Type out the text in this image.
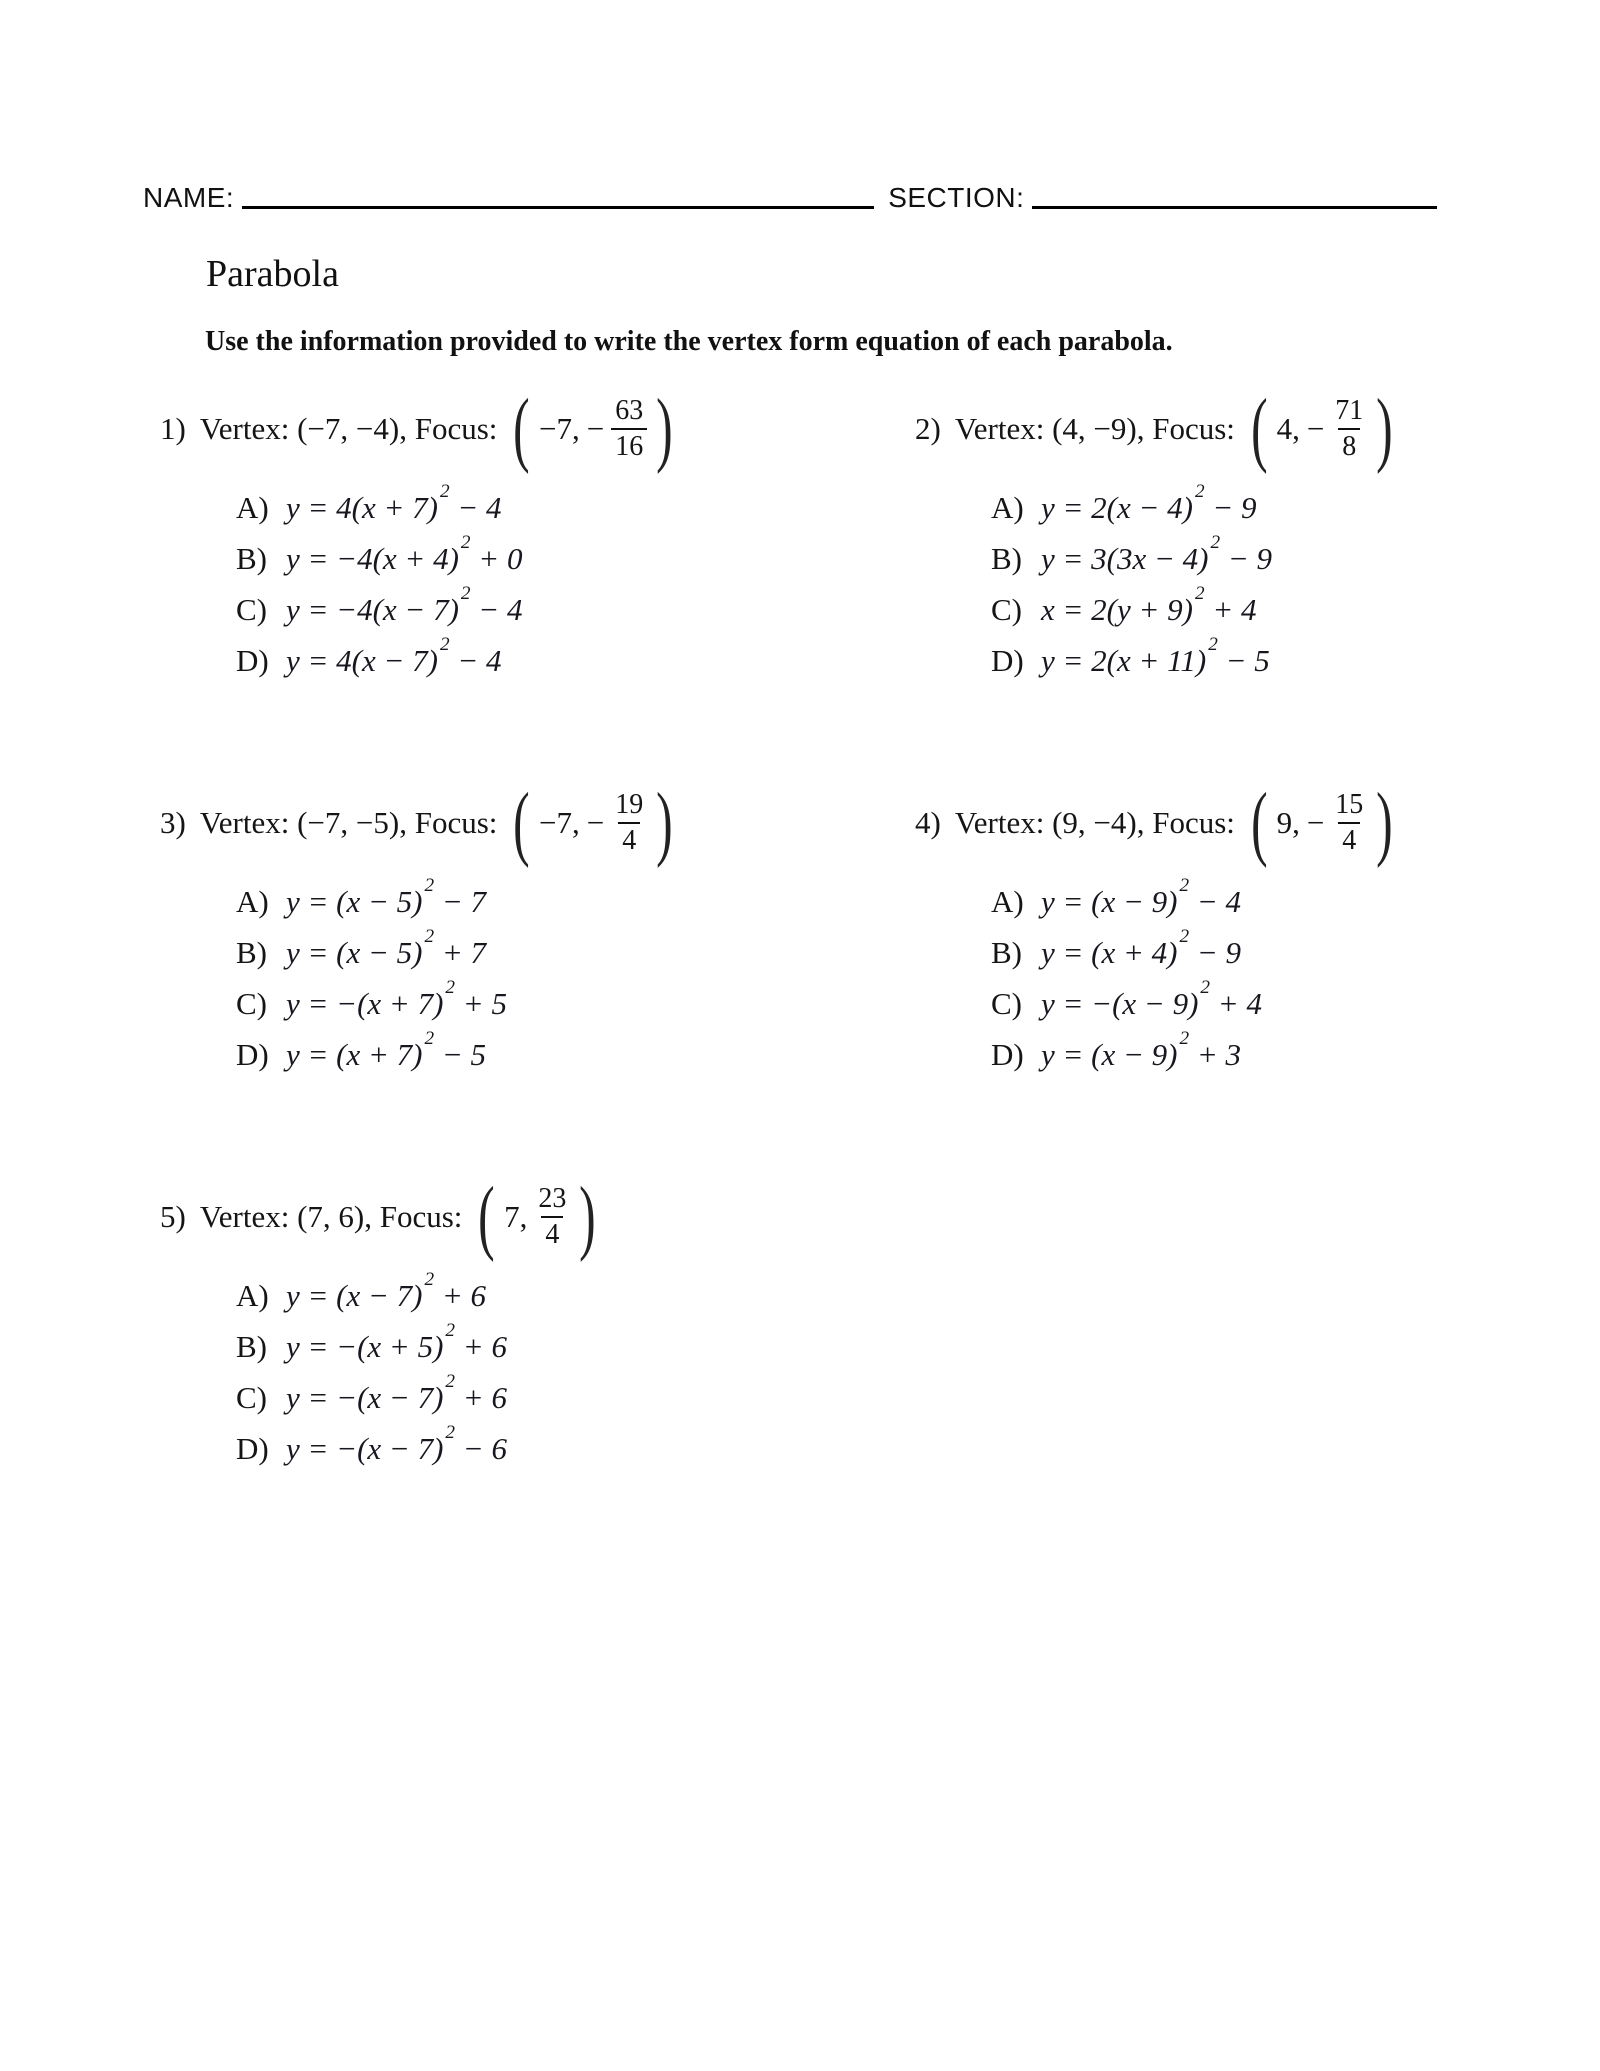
NAME:	SECTION:
Parabola

Use the information provided to write the vertex form equation of each parabola.

1) Vertex: (−7, −4), Focus: ( −7, − $\frac{63}{16}$ )
A) y = 4(x + 7) $^2$ − 4
B) y = −4(x + 4) $^2$ + 0
C) y = −4(x − 7) $^2$ − 4
D) y = 4(x − 7) $^2$ − 4
2) Vertex: (4, −9), Focus: ( 4, − $\frac{71}{8}$ )
A) y = 2(x − 4) $^2$ − 9
B) y = 3(3x − 4) $^2$ − 9
C) x = 2(y + 9) $^2$ + 4
D) y = 2(x + 11) $^2$ − 5
3) Vertex: (−7, −5), Focus: ( −7, − $\frac{19}{4}$ )
A) y = (x − 5) $^2$ − 7
B) y = (x − 5) $^2$ + 7
C) y = −(x + 7) $^2$ + 5
D) y = (x + 7) $^2$ − 5
4) Vertex: (9, −4), Focus: ( 9, − $\frac{15}{4}$ )
A) y = (x − 9) $^2$ − 4
B) y = (x + 4) $^2$ − 9
C) y = −(x − 9) $^2$ + 4
D) y = (x − 9) $^2$ + 3
5) Vertex: (7, 6), Focus: ( 7, $\frac{23}{4}$ )
A) y = (x − 7) $^2$ + 6
B) y = −(x + 5) $^2$ + 6
C) y = −(x − 7) $^2$ + 6
D) y = −(x − 7) $^2$ − 6
